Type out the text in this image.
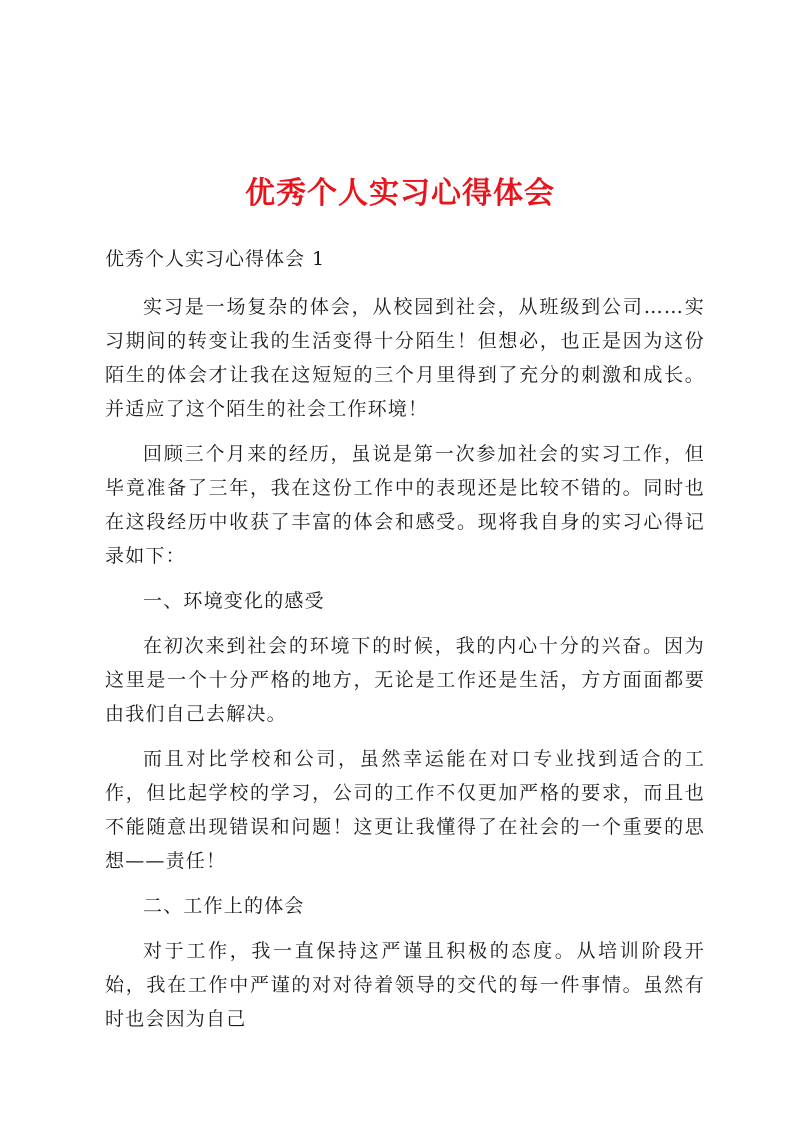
优秀个人实习心得体会
优秀个人实习心得体会 1

实习是一场复杂的体会，从校园到社会，从班级到公司……实习期间的转变让我的生活变得十分陌生！但想必，也正是因为这份陌生的体会才让我在这短短的三个月里得到了充分的刺激和成长。并适应了这个陌生的社会工作环境！

回顾三个月来的经历，虽说是第一次参加社会的实习工作，但毕竟准备了三年，我在这份工作中的表现还是比较不错的。同时也在这段经历中收获了丰富的体会和感受。现将我自身的实习心得记录如下：

一、环境变化的感受

在初次来到社会的环境下的时候，我的内心十分的兴奋。因为这里是一个十分严格的地方，无论是工作还是生活，方方面面都要由我们自己去解决。

而且对比学校和公司，虽然幸运能在对口专业找到适合的工作，但比起学校的学习，公司的工作不仅更加严格的要求，而且也不能随意出现错误和问题！这更让我懂得了在社会的一个重要的思想——责任！

二、工作上的体会

对于工作，我一直保持这严谨且积极的态度。从培训阶段开始，我在工作中严谨的对对待着领导的交代的每一件事情。虽然有时也会因为自己
